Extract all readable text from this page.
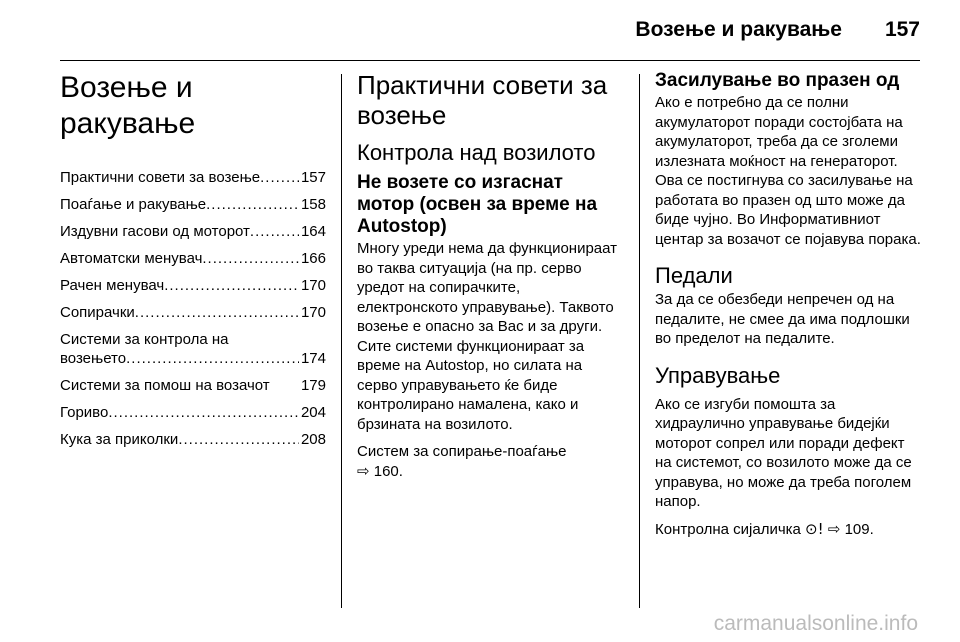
Возење и ракување 157
Возење и ракување
Практични совети за возење .....	157
Поаѓање и ракување .....	158
Издувни гасови од моторот .....	164
Автоматски менувач .....	166
Рачен менувач .....	170
Сопирачки .....	170
Системи за контрола на
возењето .....	174
Системи за помош на возачот 179
Гориво .....	204
Кука за приколки .....	208
Практични совети за возење
Контрола над возилото
Не возете со изгаснат мотор (освен за време на Autostop)

Многу уреди нема да функционираат во таква ситуација (на пр. серво уредот на сопирачките, електронското управување). Таквото возење е опасно за Вас и за други. Сите системи функционираат за време на Autostop, но силата на серво управувањето ќе биде контролирано намалена, како и брзината на возилото.

Систем за сопирање-поаѓање
⇨ 160.

Засилување во празен од

Ако е потребно да се полни акумулаторот поради состојбата на акумулаторот, треба да се зголеми излезната моќност на генераторот. Ова се постигнува со засилување на работата во празен од што може да биде чујно. Во Информативниот центар за возачот се појавува порака.

Педали

За да се обезбеди непречен од на педалите, не смее да има подлошки во пределот на педалите.

Управување

Ако се изгуби помошта за хидраулично управување бидејќи моторот сопрел или поради дефект на системот, со возилото може да се управува, но може да треба поголем напор.

Контролна сијаличка ⊙! ⇨ 109.

carmanualsonline.info
